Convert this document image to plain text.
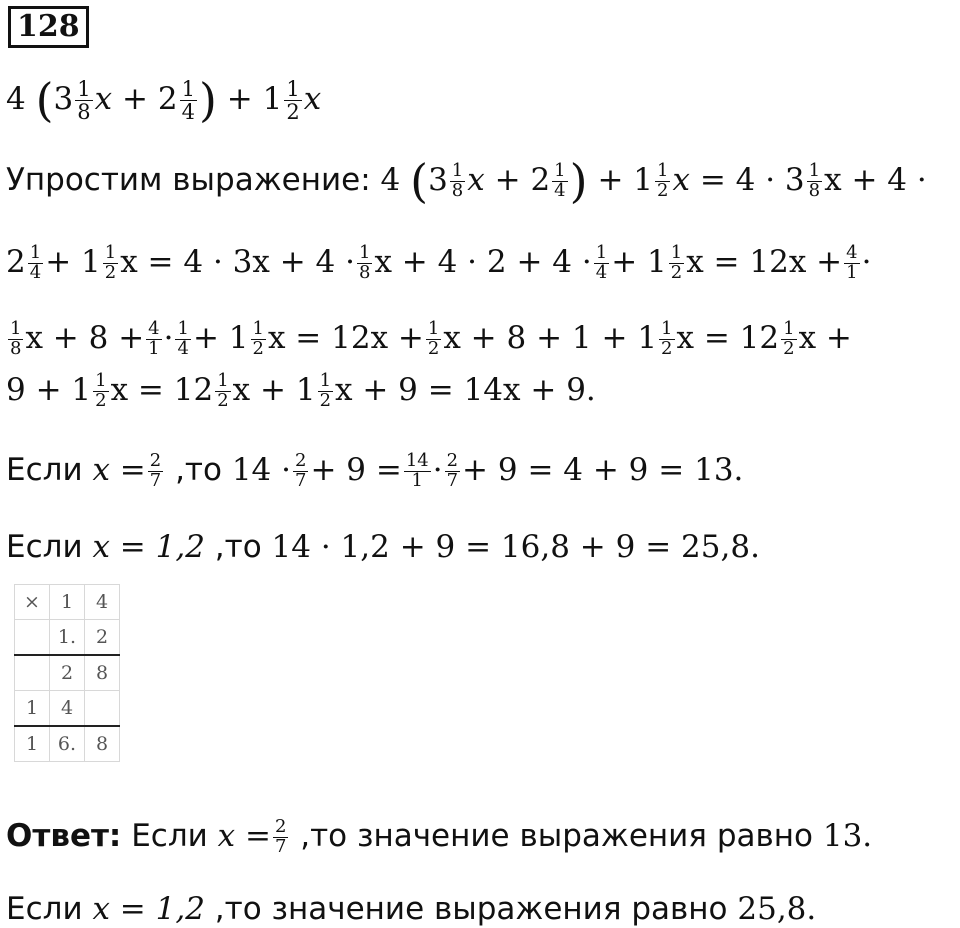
128
4 ($3 \frac{1}{8}$ $x + 2 \frac{1}{4}$ ) + $1 \frac{1}{2}$ x
Упростим выражение: 4 ($3 \frac{1}{8}$ $x + 2 \frac{1}{4}$ ) + $1 \frac{1}{2}$ $x = 4 \cdot 3 \frac{1}{8}$ x + 4 ·
$2 \frac{1}{4} + 1 \frac{1}{2}$ $x = 4 \cdot 3x + 4 \cdot \frac{1}{8}$ $x + 4 \cdot 2 + 4 \cdot \frac{1}{4} + 1 \frac{1}{2}$ $x = 12x + \frac{4}{1}$ ·
$\frac{1}{8}$ $x + 8 + \frac{4}{1} \cdot \frac{1}{4} + 1 \frac{1}{2}$ $x = 12x + \frac{1}{2}$ $x + 8 + 1 + 1 \frac{1}{2}$ $x = 12 \frac{1}{2}$ x +
$9 + 1 \frac{1}{2}$ $x = 12 \frac{1}{2}$ $x + 1 \frac{1}{2}$ x + 9 = 14x + 9.
Если $x = \frac{2}{7} ,то$ $14 \cdot \frac{2}{7} + 9 = \frac{14}{1} \cdot \frac{2}{7} + 9 = 4 + 9 = 13$.
Если x = 1,2 ,то 14 · 1,2 + 9 = 16,8 + 9 = 25,8.
×	1	4
	1.	2
	2	8
1	4	
1	6.	8
Ответ: Если $x = \frac{2}{7} ,то$ значение выражения равно 13.
Если x = 1,2 ,то значение выражения равно 25,8.
